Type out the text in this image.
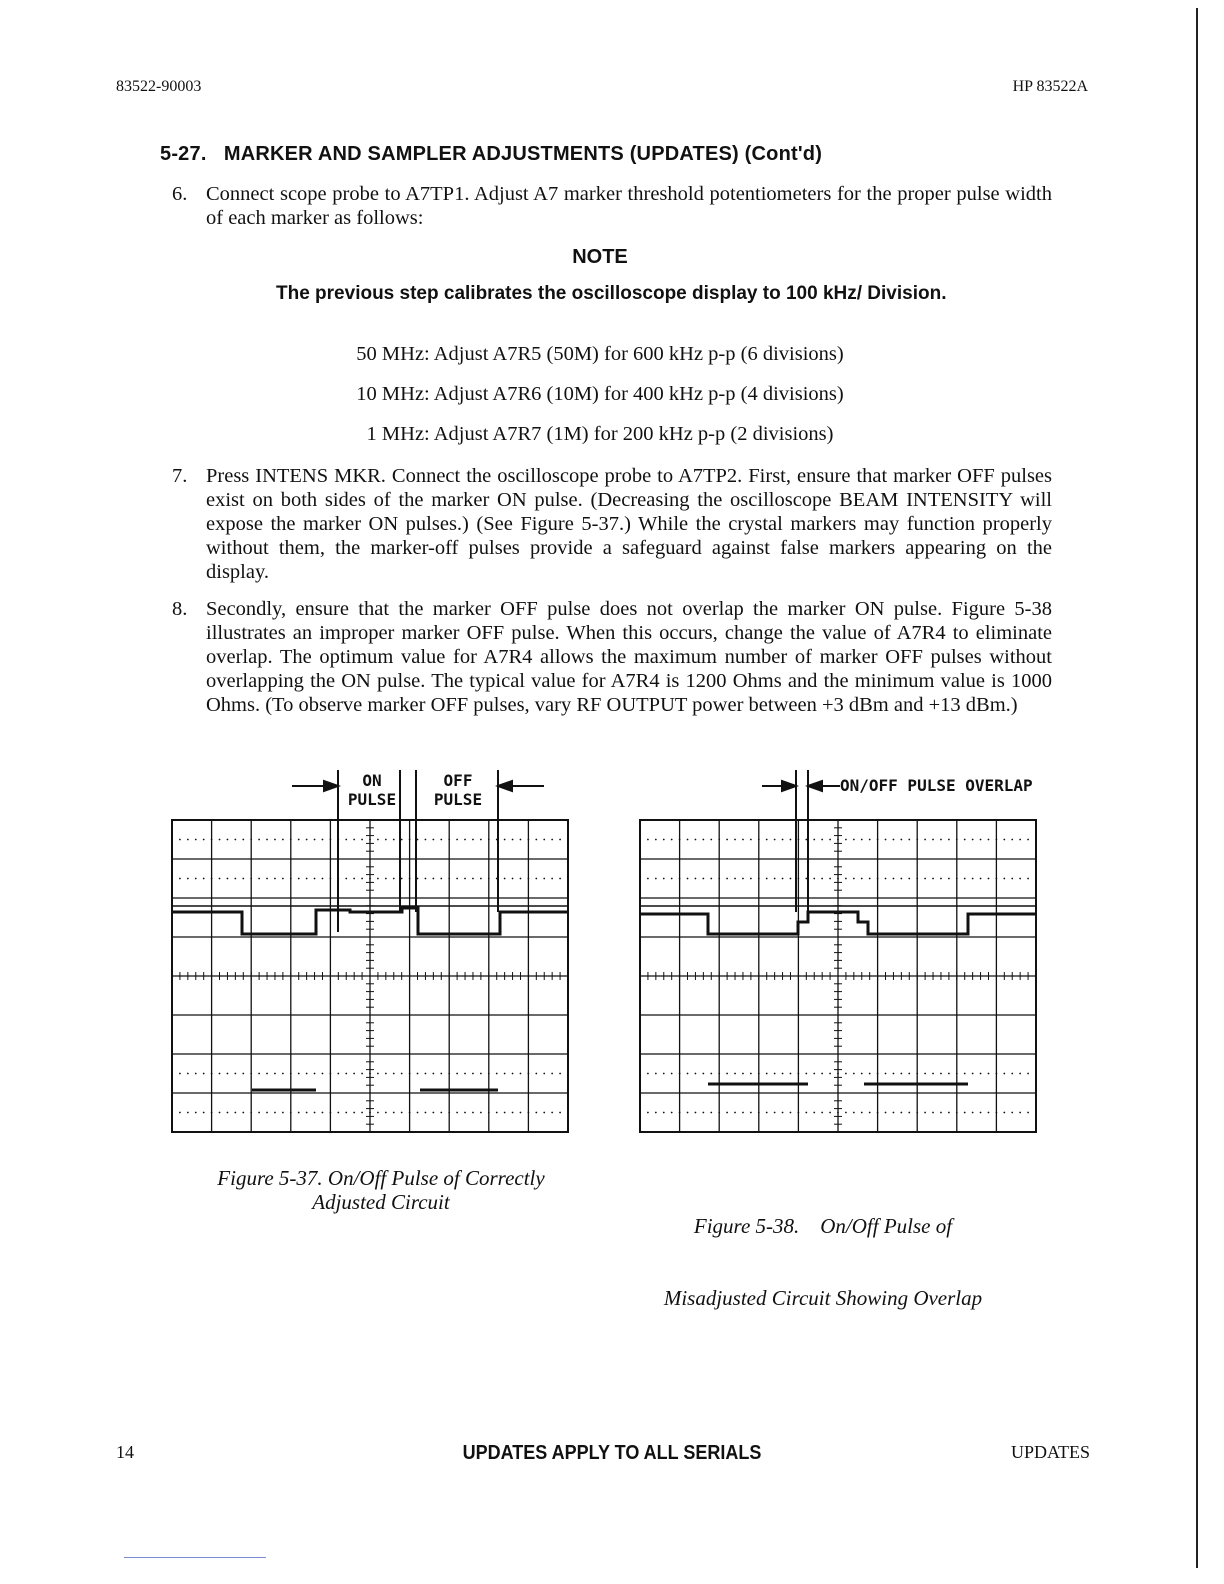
83522-90003	HP 83522A
5-27.   MARKER AND SAMPLER ADJUSTMENTS (UPDATES) (Cont'd)
6. Connect scope probe to A7TP1. Adjust A7 marker threshold potentiometers for the proper pulse width of each marker as follows:
NOTE
The previous step calibrates the oscilloscope display to 100 kHz/ Division.
50 MHz: Adjust A7R5 (50M) for 600 kHz p-p (6 divisions)
10 MHz: Adjust A7R6 (10M) for 400 kHz p-p (4 divisions)
1 MHz: Adjust A7R7 (1M) for 200 kHz p-p (2 divisions)
7. Press INTENS MKR. Connect the oscilloscope probe to A7TP2. First, ensure that marker OFF pulses exist on both sides of the marker ON pulse. (Decreasing the oscilloscope BEAM INTENSITY will expose the marker ON pulses.) (See Figure 5-37.) While the crystal markers may function properly without them, the marker-off pulses provide a safeguard against false markers appearing on the display.
8. Secondly, ensure that the marker OFF pulse does not overlap the marker ON pulse. Figure 5-38 illustrates an improper marker OFF pulse. When this occurs, change the value of A7R4 to eliminate overlap. The optimum value for A7R4 allows the maximum number of marker OFF pulses without overlapping the ON pulse. The typical value for A7R4 is 1200 Ohms and the minimum value is 1000 Ohms. (To observe marker OFF pulses, vary RF OUTPUT power between +3 dBm and +13 dBm.)
ON
PULSE
OFF
PULSE
ON/OFF PULSE OVERLAP
Figure 5-37. On/Off Pulse of Correctly
Adjusted Circuit

Figure 5-38.    On/Off Pulse of

Misadjusted Circuit Showing Overlap

14	UPDATES APPLY TO ALL SERIALS	UPDATES
